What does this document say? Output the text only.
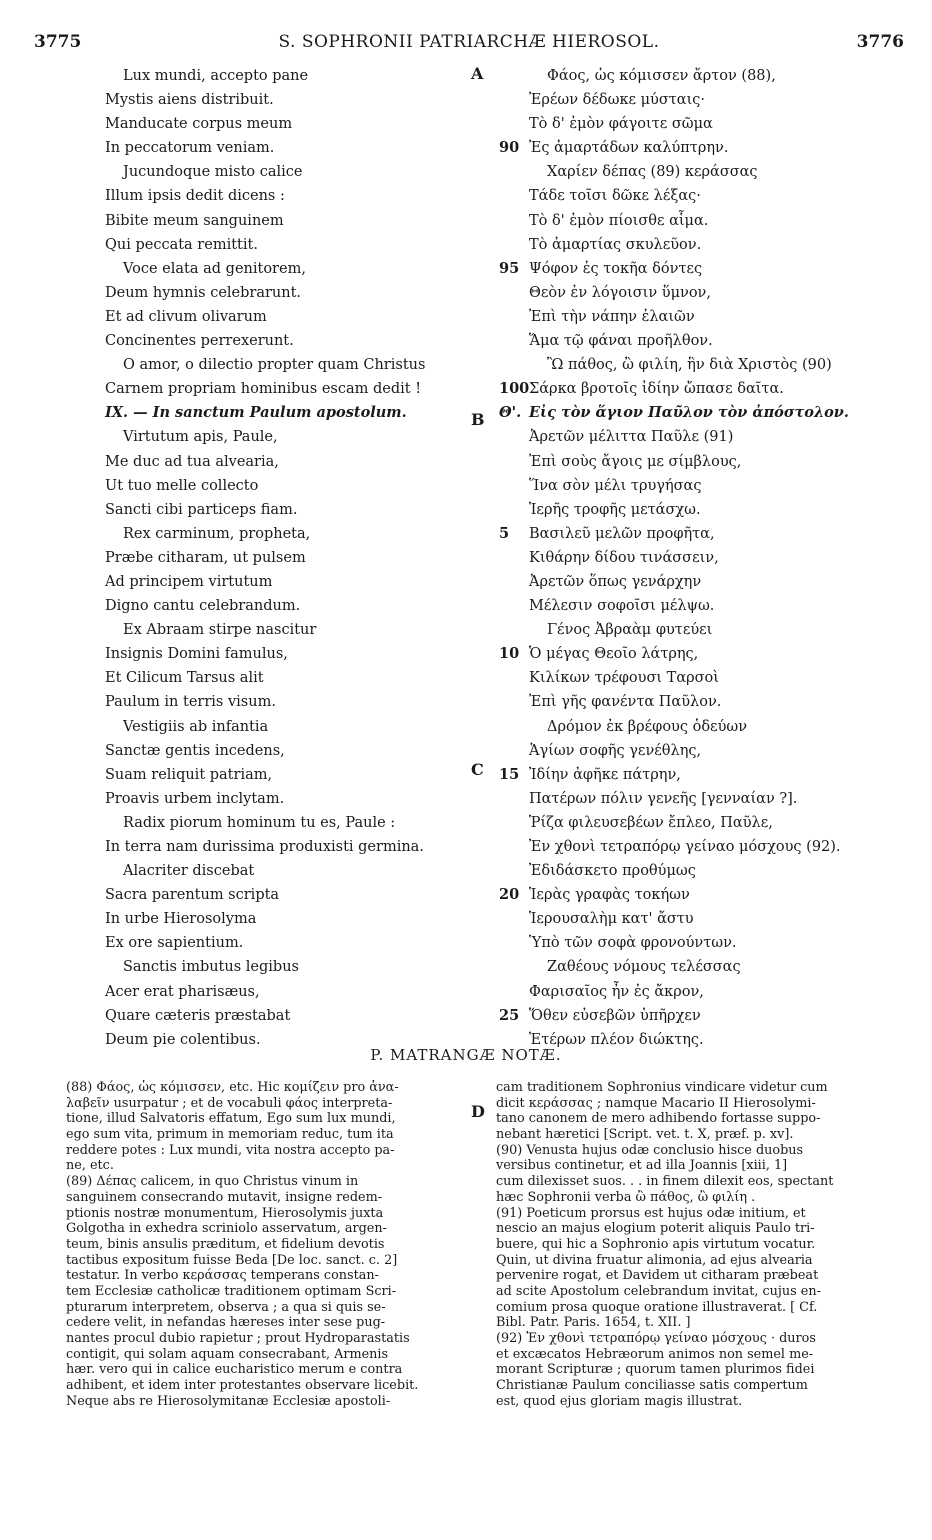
3775	S. SOPHRONII PATRIARCHÆ HIEROSOL.	3776
A
B
C
D
Lux mundi, accepto pane
Mystis aiens distribuit.
Manducate corpus meum
In peccatorum veniam.
Jucundoque misto calice
Illum ipsis dedit dicens :
Bibite meum sanguinem
Qui peccata remittit.
Voce elata ad genitorem,
Deum hymnis celebrarunt.
Et ad clivum olivarum
Concinentes perrexerunt.
O amor, o dilectio propter quam Christus
Carnem propriam hominibus escam dedit !
IX. — In sanctum Paulum apostolum.
Virtutum apis, Paule,
Me duc ad tua alvearia,
Ut tuo melle collecto
Sancti cibi particeps fiam.
Rex carminum, propheta,
Præbe citharam, ut pulsem
Ad principem virtutum
Digno cantu celebrandum.
Ex Abraam stirpe nascitur
Insignis Domini famulus,
Et Cilicum Tarsus alit
Paulum in terris visum.
Vestigiis ab infantia
Sanctæ gentis incedens,
Suam reliquit patriam,
Proavis urbem inclytam.
Radix piorum hominum tu es, Paule :
In terra nam durissima produxisti germina.
Alacriter discebat
Sacra parentum scripta
In urbe Hierosolyma
Ex ore sapientium.
Sanctis imbutus legibus
Acer erat pharisæus,
Quare cæteris præstabat
Deum pie colentibus.
Φάος, ὡς κόμισσεν ἄρτον (88),
Ἐρέων δέδωκε μύσταις·
Τὸ δ' ἐμὸν φάγοιτε σῶμα
90 Ἐς ἀμαρτάδων καλύπτρην.
Χαρίεν δέπας (89) κεράσσας
Τάδε τοῖσι δῶκε λέξας·
Τὸ δ' ἐμὸν πίοισθε αἷμα.
Τὸ ἀμαρτίας σκυλεῦον.
95 Ψόφον ἐς τοκῆα δόντες
Θεὸν ἐν λόγοισιν ὕμνον,
Ἐπὶ τὴν νάπην ἐλαιῶν
Ἅμα τῷ φάναι προῆλθον.
Ὢ πάθος, ὢ φιλίη, ἣν διὰ Χριστὸς (90)
100Σάρκα βροτοῖς ἰδίην ὤπασε δαῖτα.
Θ'. Εἰς τὸν ἅγιον Παῦλον τὸν ἀπόστολον.
Ἀρετῶν μέλιττα Παῦλε (91)
Ἐπὶ σοὺς ἄγοις με σίμβλους,
Ἵνα σὸν μέλι τρυγήσας
Ἱερῆς τροφῆς μετάσχω.
5 Βασιλεῦ μελῶν προφῆτα,
Κιθάρην δίδου τινάσσειν,
Ἀρετῶν ὅπως γενάρχην
Μέλεσιν σοφοῖσι μέλψω.
Γένος Ἀβραὰμ φυτεύει
10 Ὁ μέγας Θεοῖο λάτρης,
Κιλίκων τρέφουσι Ταρσοὶ
Ἐπὶ γῆς φανέντα Παῦλον.
Δρόμον ἐκ βρέφους ὁδεύων
Ἁγίων σοφῆς γενέθλης,
15 Ἰδίην ἀφῆκε πάτρην,
Πατέρων πόλιν γενεῆς [γενναίαν ?].
Ῥίζα φιλευσεβέων ἔπλεο, Παῦλε,
Ἐν χθονὶ τετραπόρῳ γείναο μόσχους (92).
Ἐδιδάσκετο προθύμως
20 Ἱερὰς γραφὰς τοκήων
Ἱερουσαλὴμ κατ' ἄστυ
Ὑπὸ τῶν σοφὰ φρονούντων.
Ζαθέους νόμους τελέσσας
Φαρισαῖος ἦν ἐς ἄκρον,
25 Ὅθεν εὐσεβῶν ὑπῆρχεν
Ἑτέρων πλέον διώκτης.
P. MATRANGÆ NOTÆ.
(88) Φάος, ὡς κόμισσεν, etc. Hic κομίζειν pro ἀνα-
λαβεῖν usurpatur ; et de vocabuli φάος interpreta-
tione, illud Salvatoris effatum, Ego sum lux mundi,
ego sum vita, primum in memoriam reduc, tum ita
reddere potes : Lux mundi, vita nostra accepto pa-
ne, etc.
(89) Δέπας calicem, in quo Christus vinum in
sanguinem consecrando mutavit, insigne redem-
ptionis nostræ monumentum, Hierosolymis juxta
Golgotha in exhedra scriniolo asservatum, argen-
teum, binis ansulis præditum, et fidelium devotis
tactibus expositum fuisse Beda [De loc. sanct. c. 2]
testatur. In verbo κεράσσας temperans constan-
tem Ecclesiæ catholicæ traditionem optimam Scri-
pturarum interpretem, observa ; a qua si quis se-
cedere velit, in nefandas hæreses inter sese pug-
nantes procul dubio rapietur ; prout Hydroparastatis
contigit, qui solam aquam consecrabant, Armenis
hær. vero qui in calice eucharistico merum e contra
adhibent, et idem inter protestantes observare licebit.
Neque abs re Hierosolymitanæ Ecclesiæ apostoli-
cam traditionem Sophronius vindicare videtur cum
dicit κεράσσας ; namque Macario II Hierosolymi-
tano canonem de mero adhibendo fortasse suppo-
nebant hæretici [Script. vet. t. X, præf. p. xv].
(90) Venusta hujus odæ conclusio hisce duobus
versibus continetur, et ad illa Joannis [xiii, 1]
cum dilexisset suos. . . in finem dilexit eos, spectant
hæc Sophronii verba ὢ πάθος, ὢ φιλίη .
(91) Poeticum prorsus est hujus odæ initium, et
nescio an majus elogium poterit aliquis Paulo tri-
buere, qui hic a Sophronio apis virtutum vocatur.
Quin, ut divina fruatur alimonia, ad ejus alvearia
pervenire rogat, et Davidem ut citharam præbeat
ad scite Apostolum celebrandum invitat, cujus en-
comium prosa quoque oratione illustraverat. [ Cf.
Bibl. Patr. Paris. 1654, t. XII. ]
(92) Ἐν χθονὶ τετραπόρῳ γείναο μόσχους · duros
et excæcatos Hebræorum animos non semel me-
morant Scripturæ ; quorum tamen plurimos fidei
Christianæ Paulum conciliasse satis compertum
est, quod ejus gloriam magis illustrat.
